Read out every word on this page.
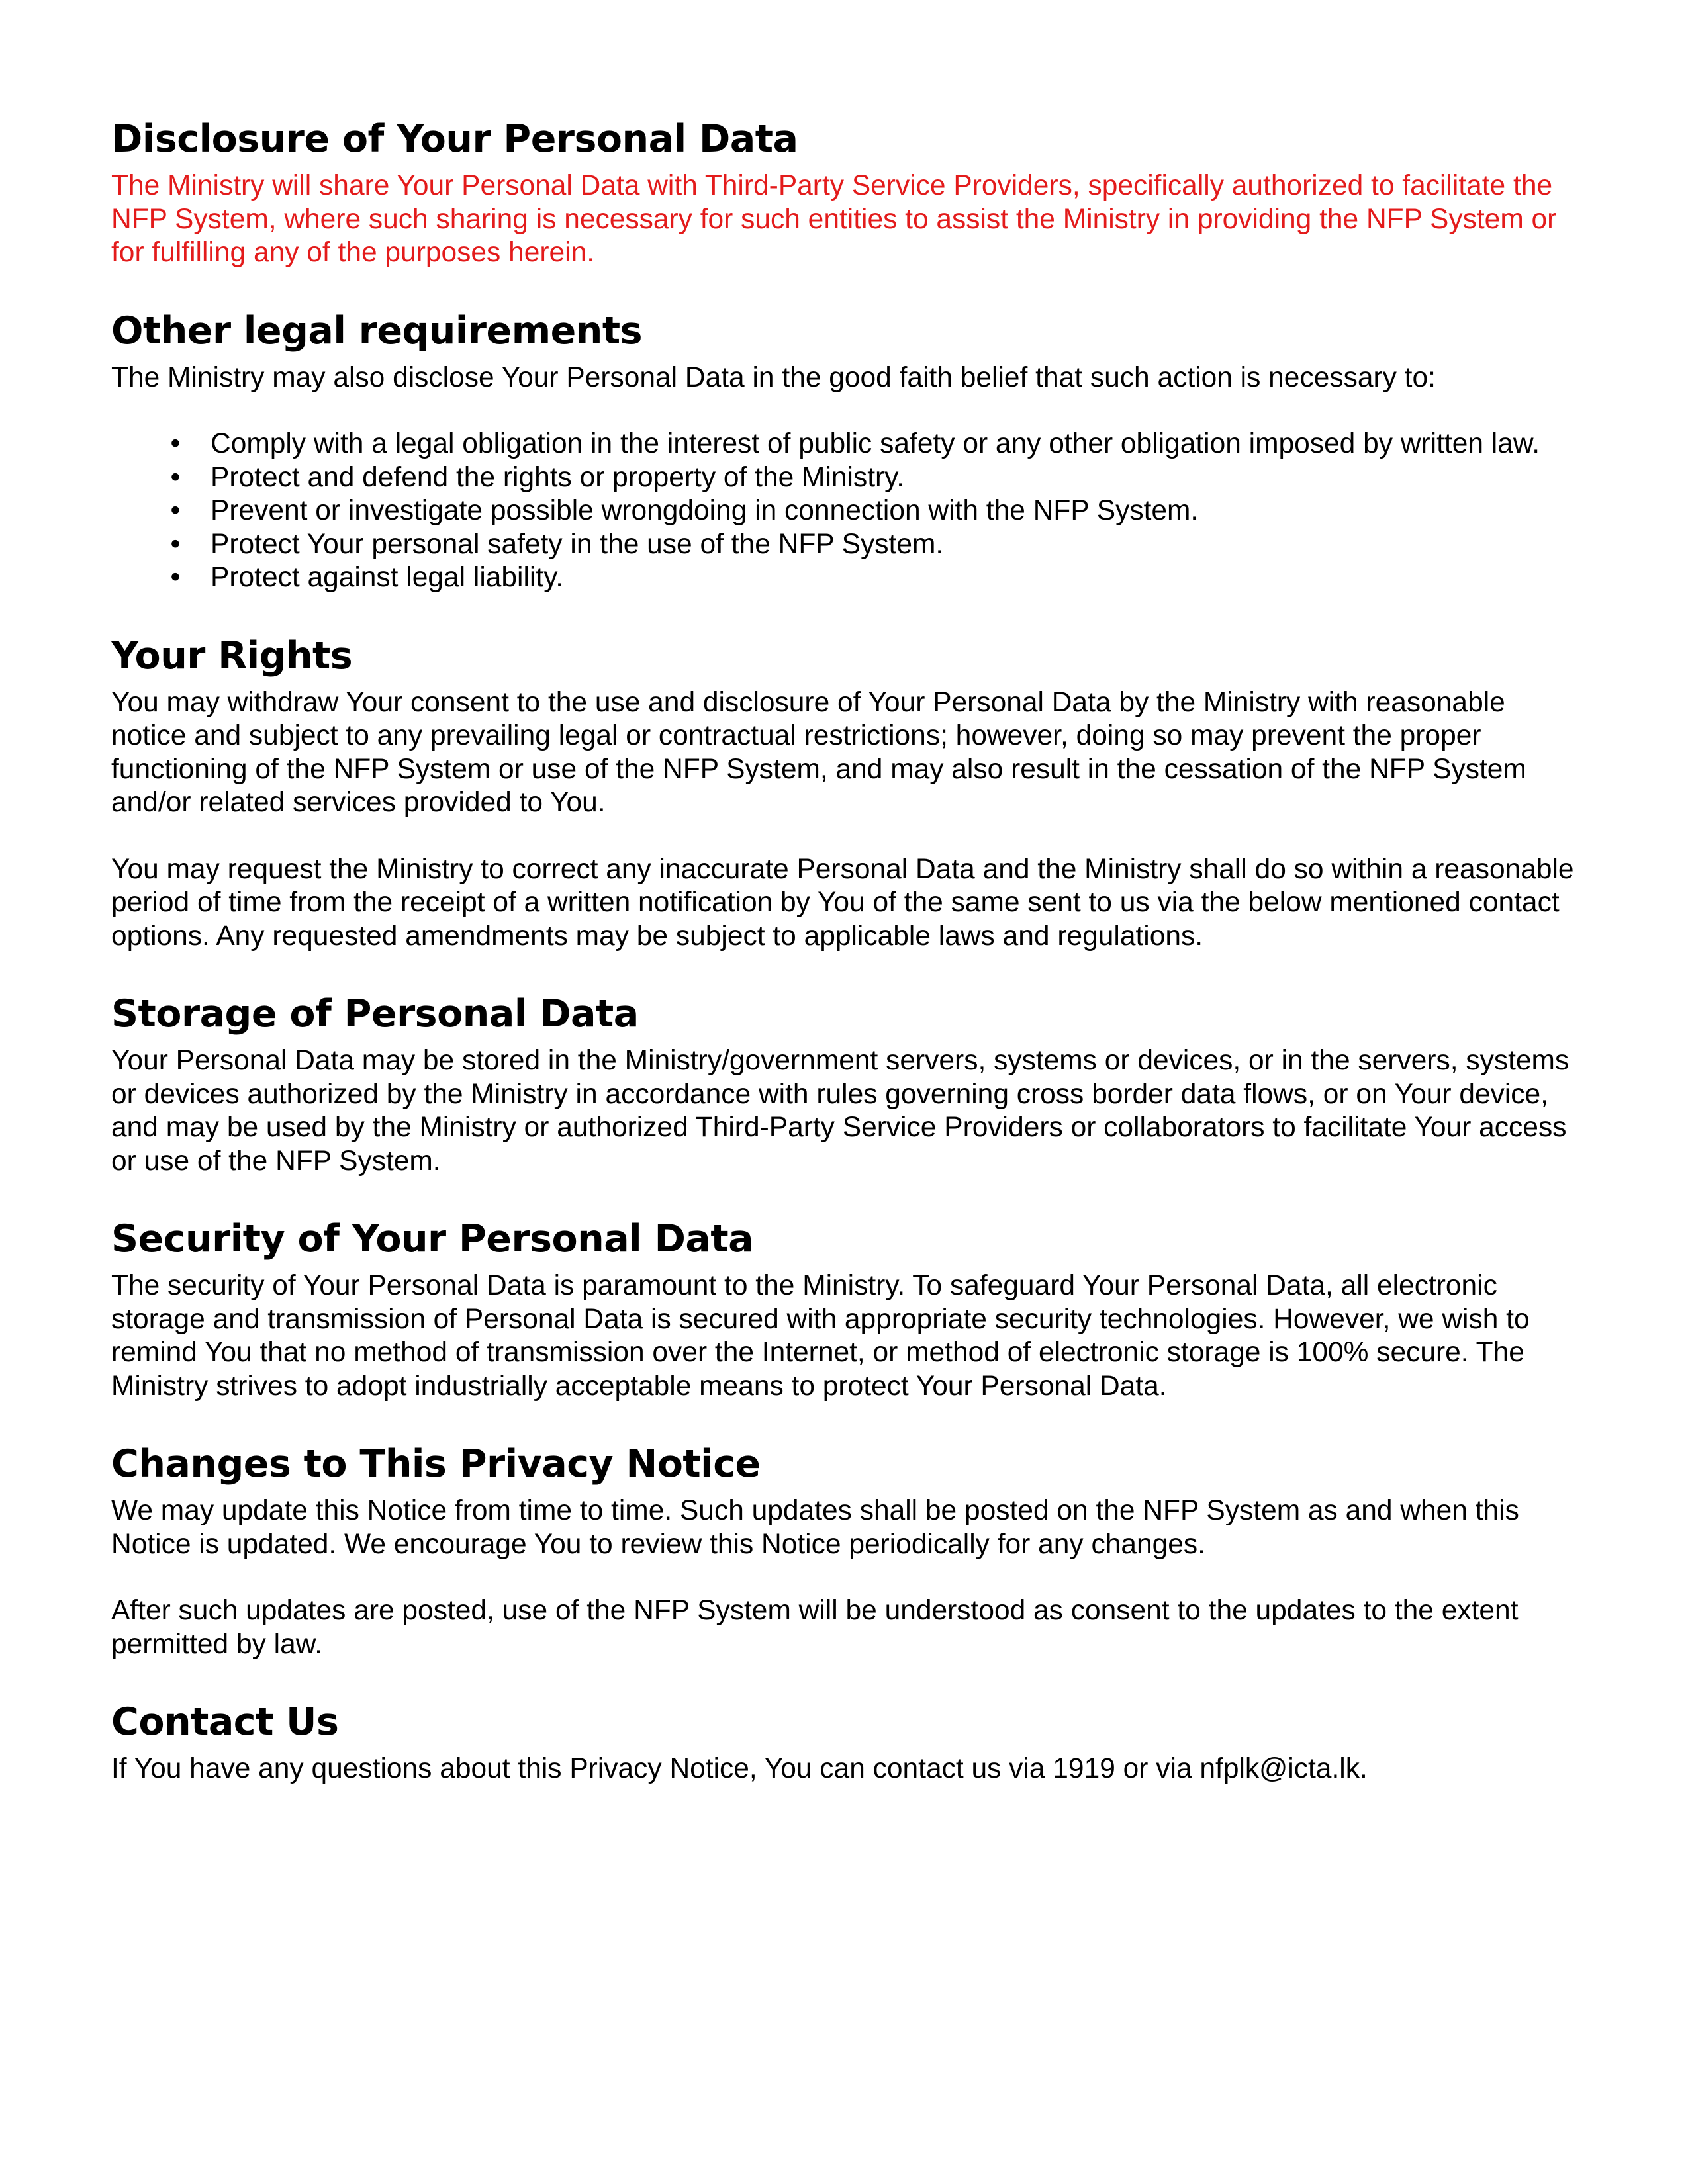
Disclosure of Your Personal Data

The Ministry will share Your Personal Data with Third-Party Service Providers, specifically authorized to facilitate the NFP System, where such sharing is necessary for such entities to assist the Ministry in providing the NFP System or for fulfilling any of the purposes herein.

Other legal requirements

The Ministry may also disclose Your Personal Data in the good faith belief that such action is necessary to:

• Comply with a legal obligation in the interest of public safety or any other obligation imposed by written law.
• Protect and defend the rights or property of the Ministry.
• Prevent or investigate possible wrongdoing in connection with the NFP System.
• Protect Your personal safety in the use of the NFP System.
• Protect against legal liability.
Your Rights

You may withdraw Your consent to the use and disclosure of Your Personal Data by the Ministry with reasonable notice and subject to any prevailing legal or contractual restrictions; however, doing so may prevent the proper functioning of the NFP System or use of the NFP System, and may also result in the cessation of the NFP System and/or related services provided to You.

You may request the Ministry to correct any inaccurate Personal Data and the Ministry shall do so within a reasonable period of time from the receipt of a written notification by You of the same sent to us via the below mentioned contact options. Any requested amendments may be subject to applicable laws and regulations.

Storage of Personal Data

Your Personal Data may be stored in the Ministry/government servers, systems or devices, or in the servers, systems or devices authorized by the Ministry in accordance with rules governing cross border data flows, or on Your device, and may be used by the Ministry or authorized Third-Party Service Providers or collaborators to facilitate Your access or use of the NFP System.

Security of Your Personal Data

The security of Your Personal Data is paramount to the Ministry. To safeguard Your Personal Data, all electronic storage and transmission of Personal Data is secured with appropriate security technologies. However, we wish to remind You that no method of transmission over the Internet, or method of electronic storage is 100% secure. The Ministry strives to adopt industrially acceptable means to protect Your Personal Data.

Changes to This Privacy Notice

We may update this Notice from time to time. Such updates shall be posted on the NFP System as and when this Notice is updated. We encourage You to review this Notice periodically for any changes.

After such updates are posted, use of the NFP System will be understood as consent to the updates to the extent permitted by law.

Contact Us

If You have any questions about this Privacy Notice, You can contact us via 1919 or via nfplk@icta.lk.
